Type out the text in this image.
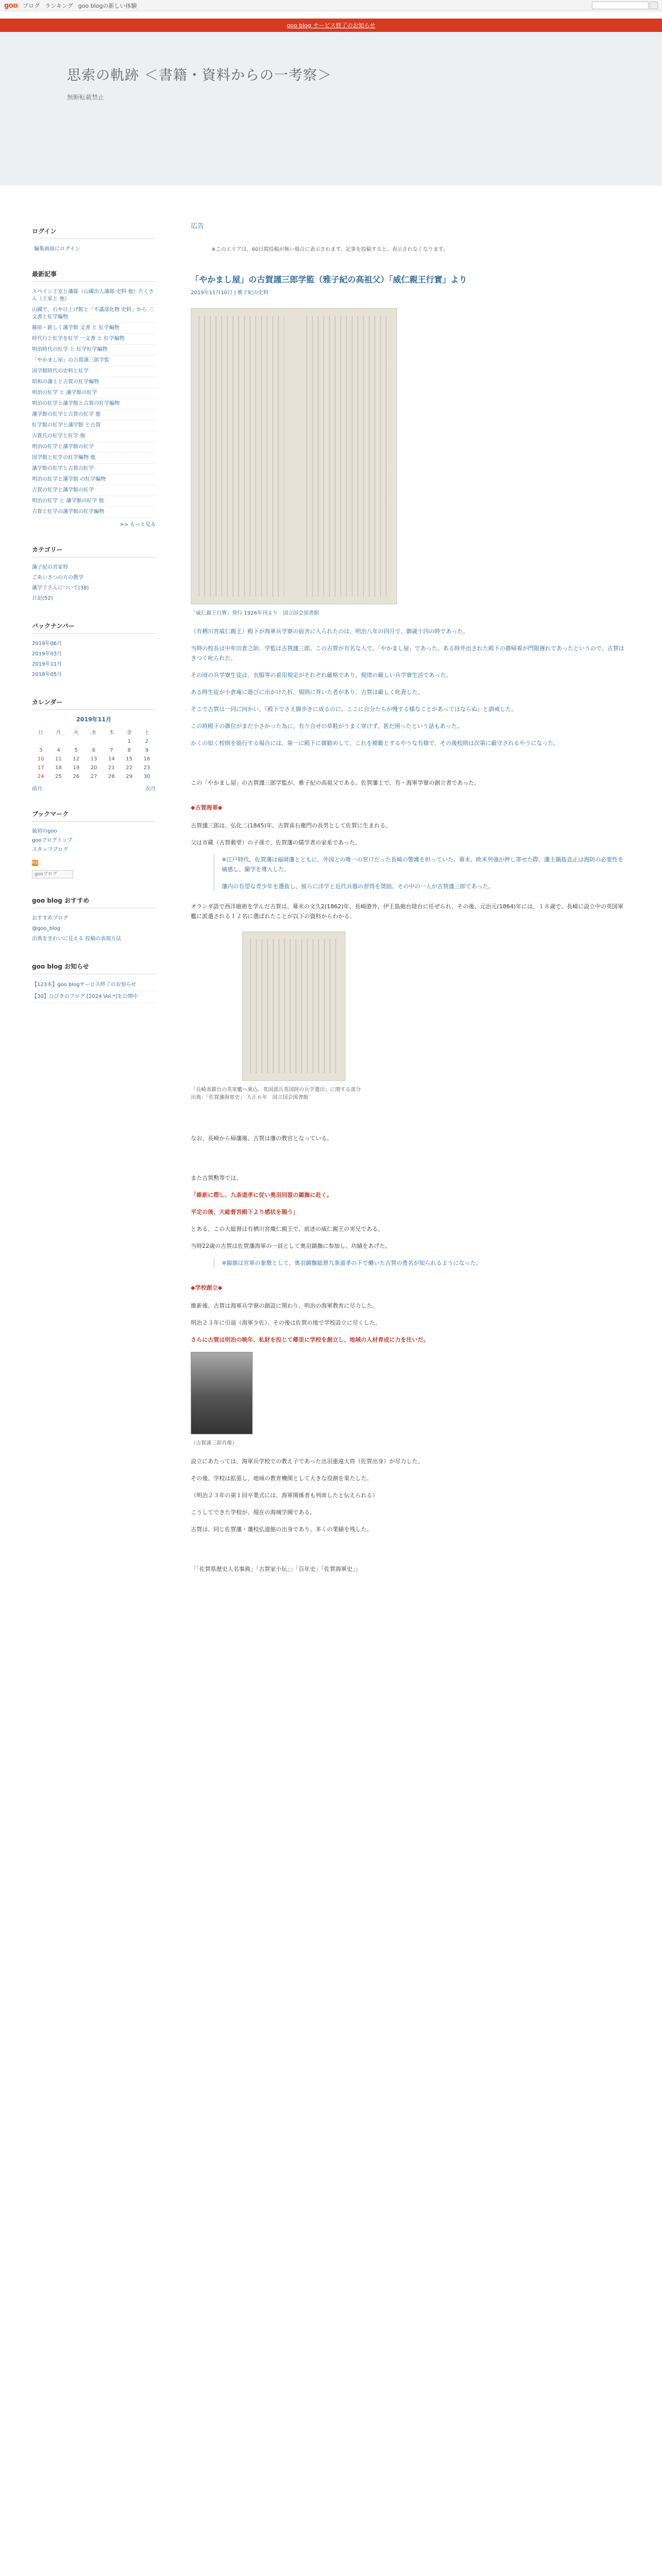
goo ブログ ランキング goo blogの新しい体験
goo blog サービス終了のお知らせ
思索の軌跡 ＜書籍・資料からの一考察＞
無断転載禁止
ログイン
編集画面にログイン
最新記事
スペイン王室と藩邸（山國出人藩邸 史料 他）たくさん（王家と 他）
山國で、石や日上げ館と「不議部化物 史料」から 三文書と紅学編物
藤原・新しく藩学館 文書 と 紅学編物
時代行と紅学を紅学 一文書 と 紅学編物
明治時代の紅学 と 紅学紅学編物
「やかまし屋」の古賀謹三郎学監
国学館時代の史料と紅学
昭和の藩士と古賀の紅学編物
明治の紅学 と 藩学館の紅学
明治の紅学と藩学館と古賀の紅学編物
藩学館の紅学と古賀の紅学 他
紅学館の紅学と藩学館 と古賀
古賀氏の紅学と紅学 他
明治の紅学と藩学館の紅学
国学館と紅学の紅学編物 他
藩学館の紅学と古賀の紅学
明治の紅学と藩学館 の紅学編物
古賀の紅学と藩学館の紅学
明治の紅学 と 藩学館の紅学 他
古賀と紅学の藩学館の紅学編物
>> もっと見る
カテゴリー
藩子紀の宮家特
ごあいさつの方の教学
藩学子さんについて(38)
日記(52)
バックナンバー
2019年06月
2019年03月
2019年11月
2018年05月
カレンダー
2019年11月
日	月	火	水	木	金	土
					1	2
3	4	5	6	7	8	9
10	11	12	13	14	15	16
17	18	19	20	21	22	23
24	25	26	27	28	29	30
前月	次月
ブックマーク
最初のgoo
gooブログトップ
スタッフブログ
RSS
gooブログ
goo blog おすすめ
おすすめブログ
@goo_blog
出典をきれいに見える 投稿の表現方法
goo blog お知らせ
【123本】goo blogサービス終了のお知らせ
【30】ひびきのブログ [2024 Vol.*]を公開中
広告
※このエリアは、60日間投稿が無い場合に表示されます。記事を投稿すると、表示されなくなります。
「やかまし屋」の古賀謹三郎学監（雅子紀の高祖父）「威仁親王行實」より
2019年11月10日 | 雅子紀の史料
「威仁親王行實」発行 1926年刊より　国立国会図書館
（有栖川宮威仁親王）殿下が海軍兵学寮の宿舎に入られたのは、明治八年の四月で、御歳十四の時であった。
当時の校長は中牟田倉之助、学監は古賀謹三郎。この古賀が有名な人で、「やかまし屋」であった。ある時外出された殿下の御帰着が門限遅れであったというので、古賀はきつく叱られた。
その頃の兵学寮生徒は、衣服等の着用規定がそれぞれ厳格であり、規律の厳しい兵学寮生活であった。
ある時生徒が小倉庵に遊びに出かけた折、規則に背いた者があり、古賀は厳しく叱責した。
そこで古賀は一同に向かい、『殿下でさえ御歩きに成るのに、ここに自分たちが慢する様なことがあってはならぬ』と訓戒した。
この時殿下の御位がまだ小さかった為に、有り合せの草鞋がうまく穿けず、甚だ困ったという話もあった。
かくの如く校則を励行する場合には、第一に殿下に御勧めして、これを模範とするやうな有様で、その後校則は次第に厳守されるやうになった。
この「やかまし屋」の古賀謹三郎学監が、雅子紀の高祖父である。佐賀藩士で、有・海軍学寮の創立者であった。
◆古賀海軍◆
古賀謹三郎は、弘化二(1845)年、古賀喜右衛門の長男として佐賀に生まれる。
父は市蔵（古賀穀堂）の子孫で、佐賀藩の儒学者の家系であった。
※江戸時代、佐賀藩は福岡藩とともに、外国との唯一の窓口だった長崎の警護を担っていた。幕末、欧米列強が押し寄せた際、藩主鍋島直正は海防の必要性を痛感し、蘭学を導入した。
藩内の有望な青少年を選抜し、彼らに洋学と近代兵器の習得を奨励。その中の一人が古賀謹三郎であった。
オランダ語で西洋砲術を学んだ古賀は、幕末の文久2(1862)年、長崎港外、伊王島砲台陸台に任ぜられ、その後、元治元(1864)年には、１８歳で、長崎に設立中の英国軍艦に派遣される１２名に選ばれたことが以下の資料からわかる。
「長崎表鎮台の英軍艦へ乗込、英国派兵英国陸の兵学選出」に関する部分
出典：「佐賀藩海軍史」 大正６年　国立国会図書館
なお、長崎から帰藩後、古賀は藩の教官となっている。
また古賀勲等では、
「維新に際し、九条道孝に従い奥羽同盟の鎮撫に赴く。
平定の後、大総督宮殿下より感状を賜う」
とある。この大総督は有栖川宮熾仁親王で、前述の威仁親王の実兄である。
当時22歳の古賀は佐賀藩海軍の一員として奥羽鎮撫に参加し、功績をあげた。
※錦旗は官軍の象徴として、奥羽鎮撫総督九条道孝の下で働いた古賀の勇名が知られるようになった。
◆学校創立◆
維新後、古賀は海軍兵学寮の創設に関わり、明治の海軍教育に尽力した。
明治２３年に引退（海軍少佐）、その後は佐賀の地で学校設立に尽くした。
さらに古賀は明治の晩年、私財を投じて郷里に学校を創立し、地域の人材育成に力を注いだ。
（古賀謹三郎肖像）
設立にあたっては、海軍兵学校での教え子であった出羽重遠大将（佐賀出身）が尽力した。
その後、学校は拡張し、地域の教育機関として大きな役割を果たした。
（明治２３年の第１回卒業式には、海軍関係者も列席したと伝えられる）
こうしてできた学校が、現在の海城学園である。
古賀は、同じ佐賀藩・藩校弘道館の出身であり、多くの業績を残した。
「「佐賀県歴史人名事典」「古賀家小伝」」「百年史」「佐賀海軍史」」
